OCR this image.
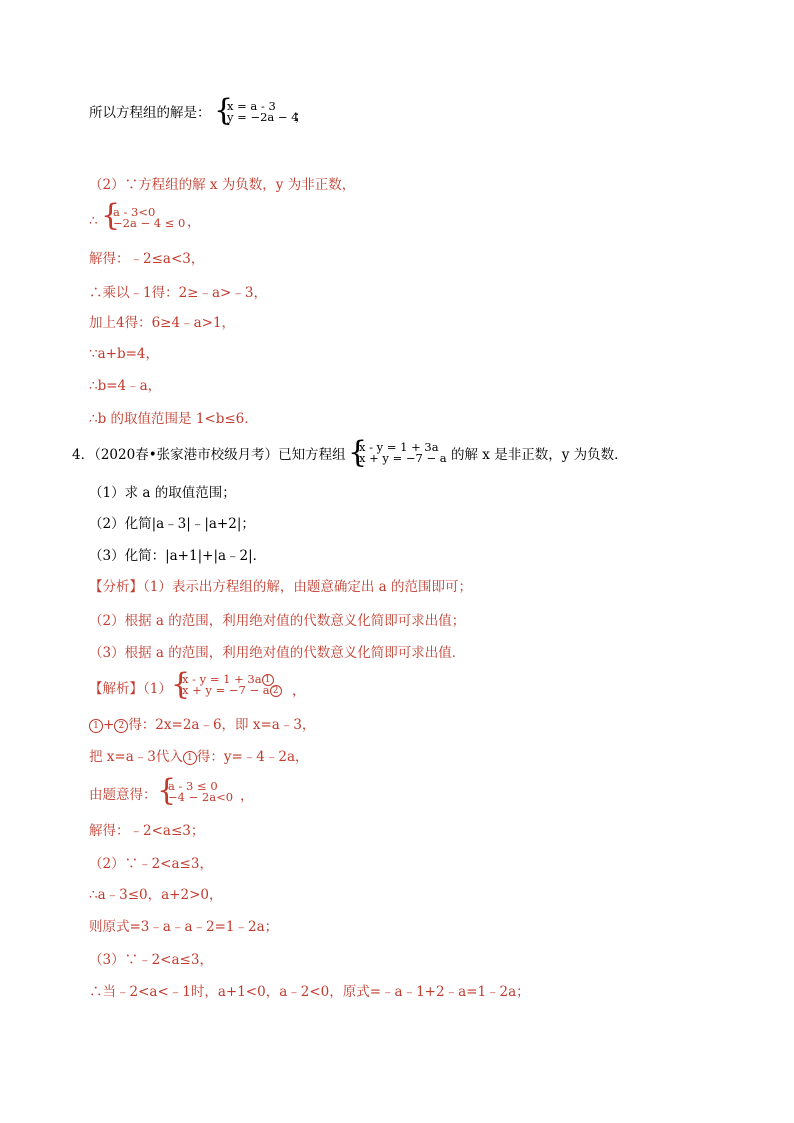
所以方程组的解是： {
x = a - 3
y = −2a − 4
；
（2）∵方程组的解 x 为负数，y 为非正数，
∴ {
a - 3<0
−2a − 4 ≤ 0 ，
解得：﹣2≤a<3，
∴乘以﹣1得：2≥﹣a>﹣3，
加上4得：6≥4﹣a>1，
∵a+b=4，
∴b=4﹣a，
∴b 的取值范围是 1<b≤6．
4．（2020春•张家港市校级月考）已知方程组 {
x - y = 1 + 3a
x + y = −7 − a 的解 x 是非正数，y 为负数．
（1）求 a 的取值范围；
（2）化简|a﹣3|﹣|a+2|；
（3）化简：|a+1|+|a﹣2|．
【分析】（1）表示出方程组的解，由题意确定出 a 的范围即可；
（2）根据 a 的范围，利用绝对值的代数意义化简即可求出值；
（3）根据 a 的范围，利用绝对值的代数意义化简即可求出值．
【解析】（1） {
x - y = 1 + 3a 1
x + y = −7 − a 2 ，
1 + 2 得：2x=2a﹣6，即 x=a﹣3，
把 x=a﹣3代入 1 得：y=﹣4﹣2a，
由题意得： {
a - 3 ≤ 0
−4 − 2a<0 ，
解得：﹣2<a≤3；
（2）∵﹣2<a≤3，
∴a﹣3≤0，a+2>0，
则原式=3﹣a﹣a﹣2=1﹣2a；
（3）∵﹣2<a≤3，
∴当﹣2<a<﹣1时，a+1<0，a﹣2<0，原式=﹣a﹣1+2﹣a=1﹣2a；
